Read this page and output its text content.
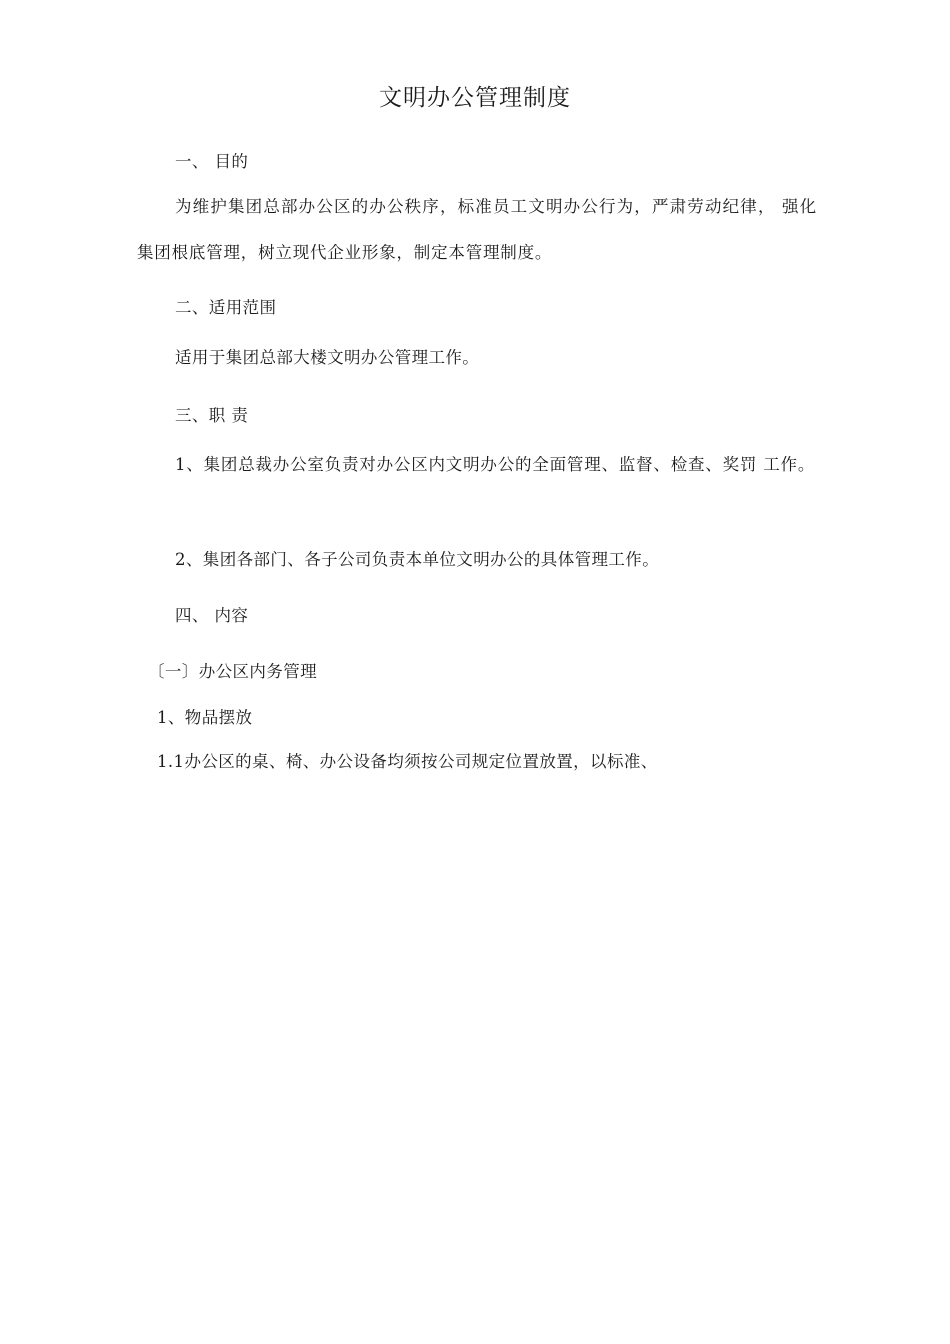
文明办公管理制度
一、 目的
为维护集团总部办公区的办公秩序，标准员工文明办公行为，严肃劳动纪律， 强化集团根底管理，树立现代企业形象，制定本管理制度。
二、适用范围
适用于集团总部大楼文明办公管理工作。
三、职 责
1、集团总裁办公室负责对办公区内文明办公的全面管理、监督、检查、奖罚 工作。
2、集团各部门、各子公司负责本单位文明办公的具体管理工作。
四、 内容
〔一〕办公区内务管理
1、物品摆放
1.1办公区的桌、椅、办公设备均须按公司规定位置放置，以标准、
